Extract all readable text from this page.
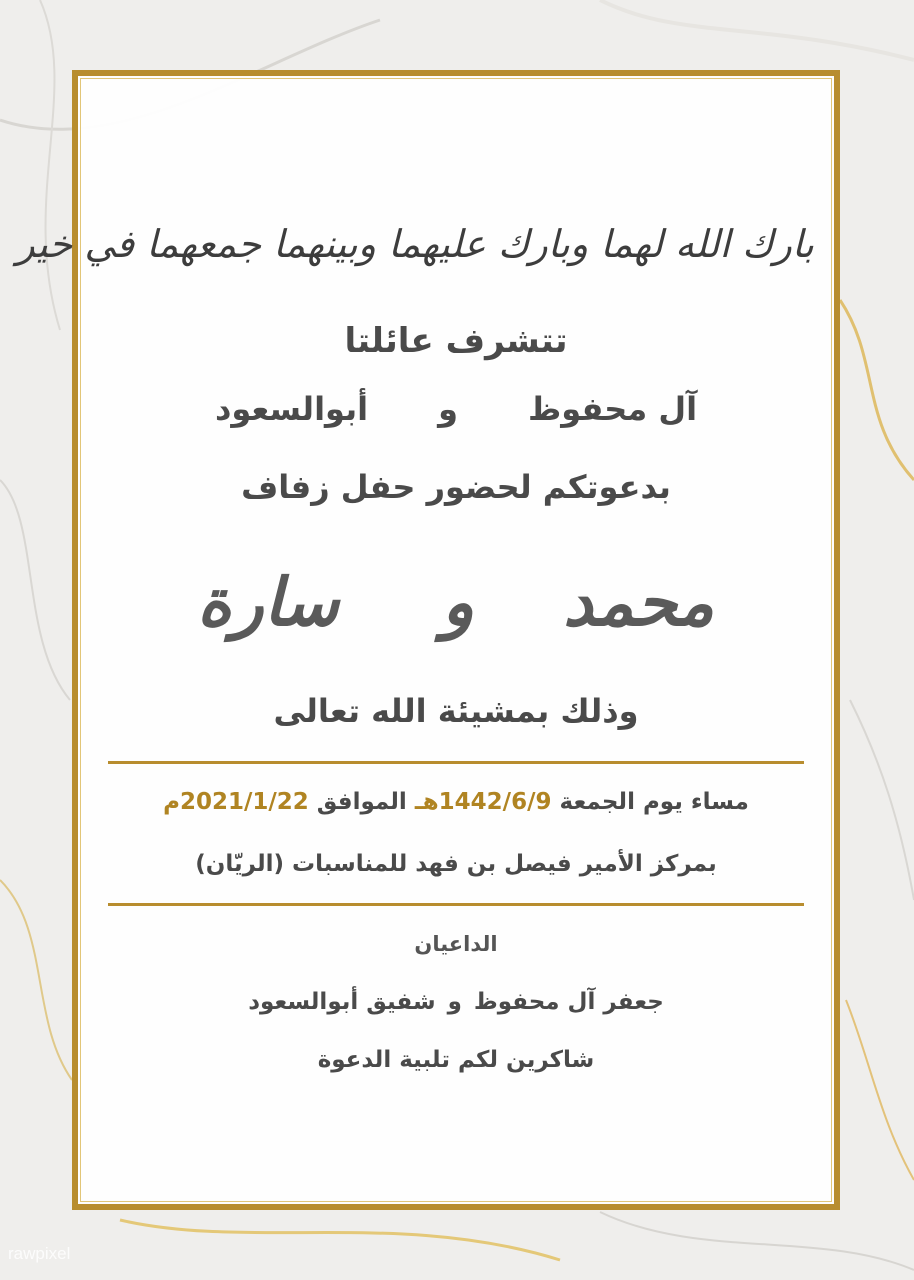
rawpixel
بارك الله لهما وبارك عليهما وبينهما جمعهما في خير
تتشرف عائلتا
آل محفوظوأبوالسعود
بدعوتكم لحضور حفل زفاف
محمد
و
سارة
وذلك بمشيئة الله تعالى
مساء يوم الجمعة 1442/6/9هـ الموافق 2021/1/22م
بمركز الأمير فيصل بن فهد للمناسبات (الريّان)
الداعيان
جعفر آل محفوظوشفيق أبوالسعود
شاكرين لكم تلبية الدعوة
